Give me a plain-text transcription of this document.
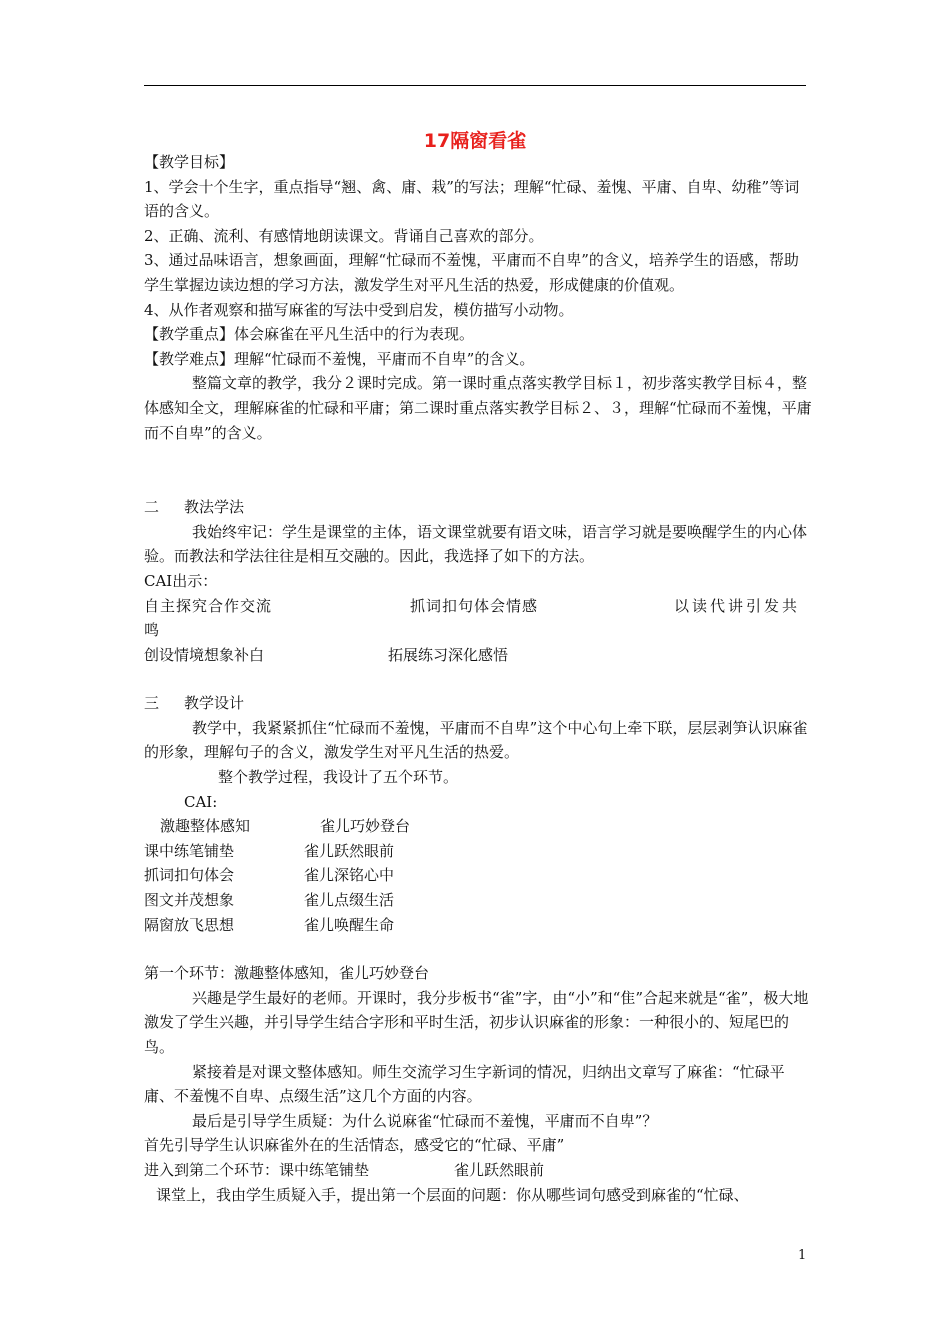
17隔窗看雀

【教学目标】

1、学会十个生字，重点指导“翘、禽、庸、栽”的写法；理解“忙碌、羞愧、平庸、自卑、幼稚”等词语的含义。

2、正确、流利、有感情地朗读课文。背诵自己喜欢的部分。

3、通过品味语言，想象画面，理解“忙碌而不羞愧，平庸而不自卑”的含义，培养学生的语感，帮助学生掌握边读边想的学习方法，激发学生对平凡生活的热爱，形成健康的价值观。

4、从作者观察和描写麻雀的写法中受到启发，模仿描写小动物。

【教学重点】体会麻雀在平凡生活中的行为表现。

【教学难点】理解“忙碌而不羞愧，平庸而不自卑”的含义。

整篇文章的教学，我分２课时完成。第一课时重点落实教学目标１，初步落实教学目标４，整体感知全文，理解麻雀的忙碌和平庸；第二课时重点落实教学目标２、３，理解“忙碌而不羞愧，平庸而不自卑”的含义。

二	教法学法

我始终牢记：学生是课堂的主体，语文课堂就要有语文味，语言学习就是要唤醒学生的内心体验。而教法和学法往往是相互交融的。因此，我选择了如下的方法。

CAI出示：

自主探究合作交流	抓词扣句体会情感	以读代讲引发共

鸣

创设情境想象补白	拓展练习深化感悟
三	教学设计

教学中，我紧紧抓住“忙碌而不羞愧，平庸而不自卑”这个中心句上牵下联，层层剥笋认识麻雀的形象，理解句子的含义，激发学生对平凡生活的热爱。

整个教学过程，我设计了五个环节。

CAI:

激趣整体感知	雀儿巧妙登台
课中练笔铺垫	雀儿跃然眼前
抓词扣句体会	雀儿深铭心中
图文并茂想象	雀儿点缀生活
隔窗放飞思想	雀儿唤醒生命

第一个环节：激趣整体感知，雀儿巧妙登台

兴趣是学生最好的老师。开课时，我分步板书“雀”字，由“小”和“隹”合起来就是“雀”，极大地激发了学生兴趣，并引导学生结合字形和平时生活，初步认识麻雀的形象：一种很小的、短尾巴的鸟。

紧接着是对课文整体感知。师生交流学习生字新词的情况，归纳出文章写了麻雀：“忙碌平庸、不羞愧不自卑、点缀生活”这几个方面的内容。

最后是引导学生质疑：为什么说麻雀“忙碌而不羞愧，平庸而不自卑”？

首先引导学生认识麻雀外在的生活情态，感受它的“忙碌、平庸”

进入到第二个环节：课中练笔铺垫	雀儿跃然眼前

课堂上，我由学生质疑入手，提出第一个层面的问题：你从哪些词句感受到麻雀的“忙碌、

1
